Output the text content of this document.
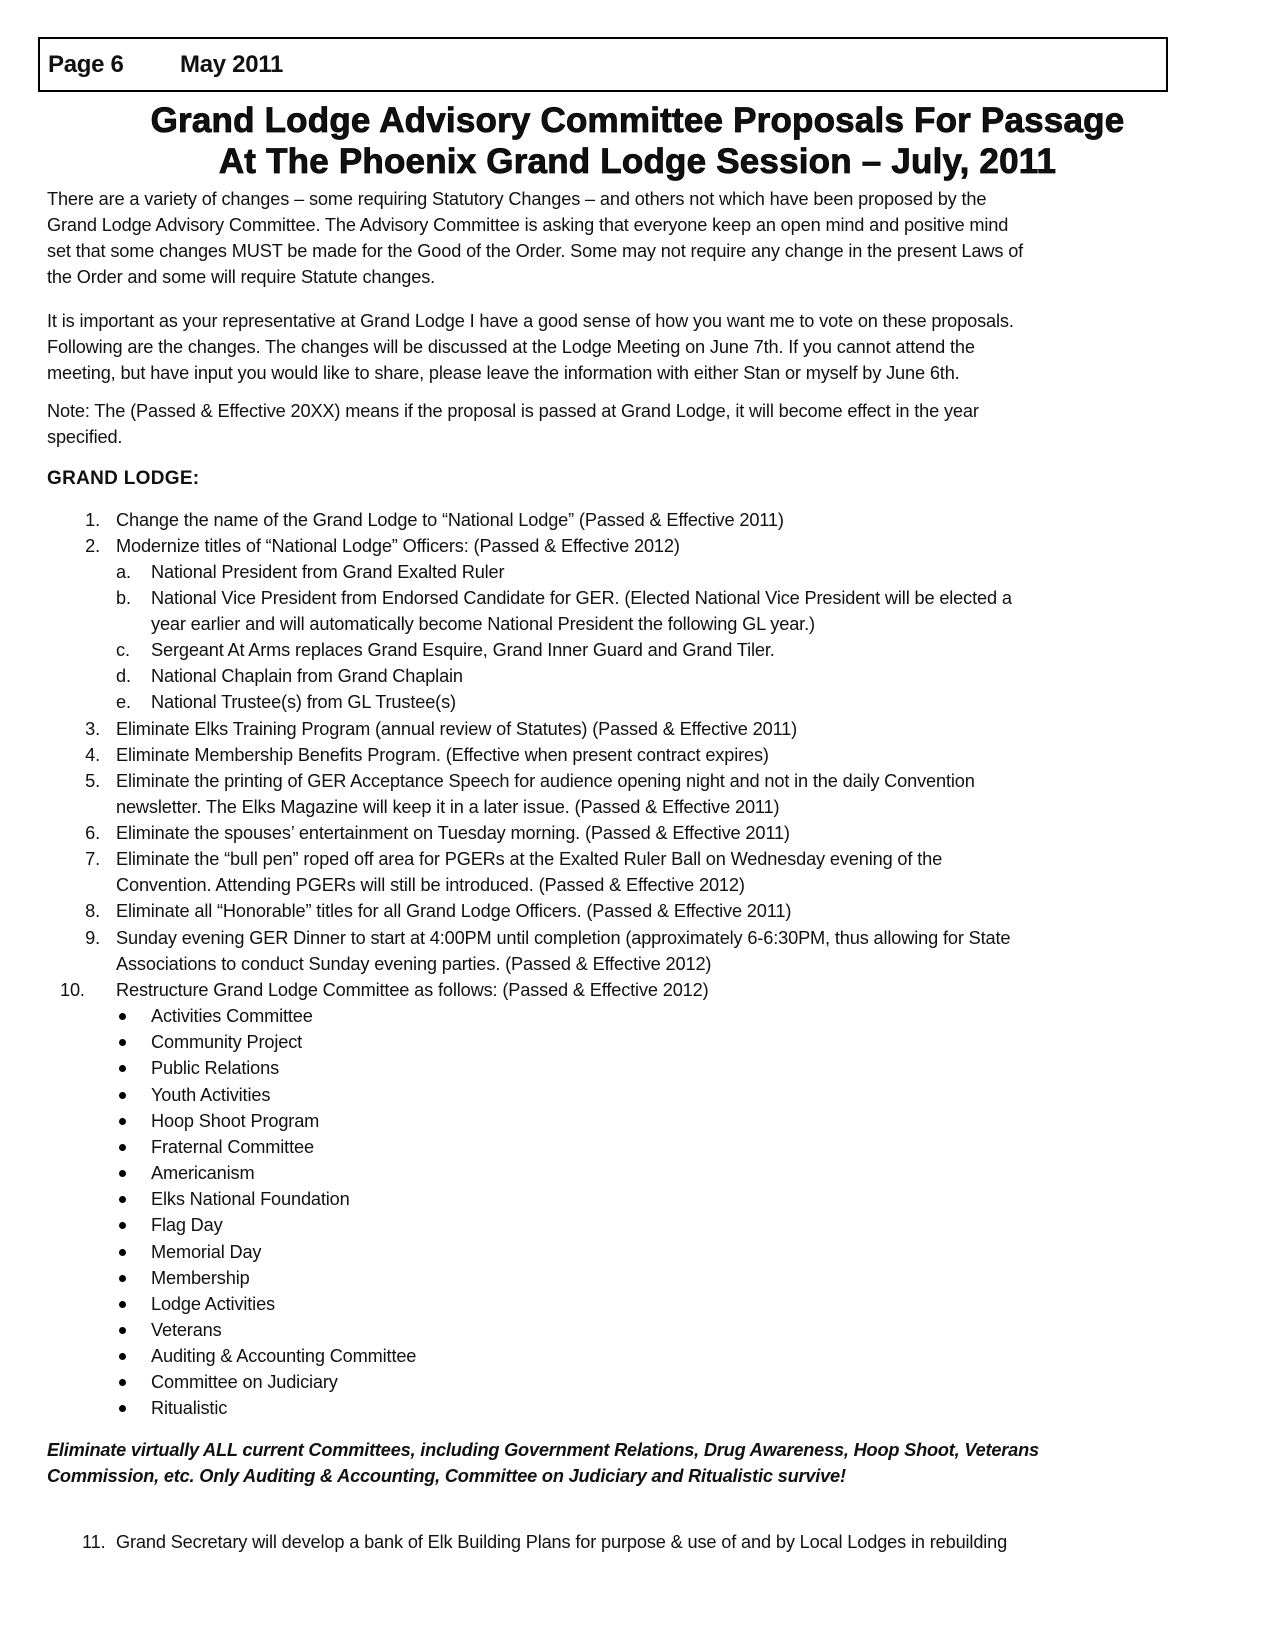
Page 6	May 2011
Grand Lodge Advisory Committee Proposals For Passage
At The Phoenix Grand Lodge Session – July, 2011
There are a variety of changes – some requiring Statutory Changes – and others not which have been proposed by the
Grand Lodge Advisory Committee. The Advisory Committee is asking that everyone keep an open mind and positive mind
set that some changes MUST be made for the Good of the Order. Some may not require any change in the present Laws of
the Order and some will require Statute changes.
It is important as your representative at Grand Lodge I have a good sense of how you want me to vote on these proposals.
Following are the changes. The changes will be discussed at the Lodge Meeting on June 7th. If you cannot attend the
meeting, but have input you would like to share, please leave the information with either Stan or myself by June 6th.
Note: The (Passed & Effective 20XX) means if the proposal is passed at Grand Lodge, it will become effect in the year
specified.
GRAND LODGE:
1. Change the name of the Grand Lodge to “National Lodge” (Passed & Effective 2011)
2. Modernize titles of “National Lodge” Officers: (Passed & Effective 2012)
a. National President from Grand Exalted Ruler
b. National Vice President from Endorsed Candidate for GER. (Elected National Vice President will be elected a
year earlier and will automatically become National President the following GL year.)
c. Sergeant At Arms replaces Grand Esquire, Grand Inner Guard and Grand Tiler.
d. National Chaplain from Grand Chaplain
e. National Trustee(s) from GL Trustee(s)
3. Eliminate Elks Training Program (annual review of Statutes) (Passed & Effective 2011)
4. Eliminate Membership Benefits Program. (Effective when present contract expires)
5. Eliminate the printing of GER Acceptance Speech for audience opening night and not in the daily Convention
newsletter. The Elks Magazine will keep it in a later issue. (Passed & Effective 2011)
6. Eliminate the spouses’ entertainment on Tuesday morning. (Passed & Effective 2011)
7. Eliminate the “bull pen” roped off area for PGERs at the Exalted Ruler Ball on Wednesday evening of the
Convention. Attending PGERs will still be introduced. (Passed & Effective 2012)
8. Eliminate all “Honorable” titles for all Grand Lodge Officers. (Passed & Effective 2011)
9. Sunday evening GER Dinner to start at 4:00PM until completion (approximately 6-6:30PM, thus allowing for State
Associations to conduct Sunday evening parties. (Passed & Effective 2012)
10.	Restructure Grand Lodge Committee as follows: (Passed & Effective 2012)
Activities Committee
Community Project
Public Relations
Youth Activities
Hoop Shoot Program
Fraternal Committee
Americanism
Elks National Foundation
Flag Day
Memorial Day
Membership
Lodge Activities
Veterans
Auditing & Accounting Committee
Committee on Judiciary
Ritualistic
Eliminate virtually ALL current Committees, including Government Relations, Drug Awareness, Hoop Shoot, Veterans
Commission, etc. Only Auditing & Accounting, Committee on Judiciary and Ritualistic survive!
11. Grand Secretary will develop a bank of Elk Building Plans for purpose & use of and by Local Lodges in rebuilding
